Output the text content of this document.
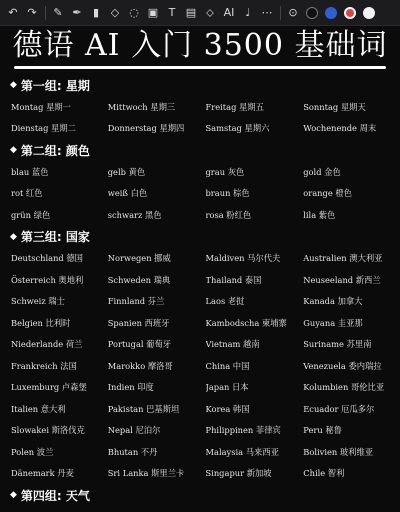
↶ ↷	✎ ✒	▮	◇ ◌ ▣ T ▤ ⬦ AI	♩ ⋯	⊙
德语 AI 入门 3500 基础词
◆ 第一组: 星期
Montag 星期一	Mittwoch 星期三	Freitag 星期五	Sonntag 星期天
Dienstag 星期二	Donnerstag 星期四	Samstag 星期六	Wochenende 周末
◆ 第二组: 颜色
blau 蓝色	gelb 黄色	grau 灰色	gold 金色
rot 红色	weiß 白色	braun 棕色	orange 橙色
grün 绿色	schwarz 黑色	rosa 粉红色	lila 紫色
◆ 第三组: 国家
Deutschland 德国	Norwegen 挪威	Maldiven 马尔代夫	Australien 澳大利亚
Österreich 奥地利	Schweden 瑞典	Thailand 泰国	Neuseeland 新西兰
Schweiz 瑞士	Finnland 芬兰	Laos 老挝	Kanada 加拿大
Belgien 比利时	Spanien 西班牙	Kambodscha 柬埔寨	Guyana 圭亚那
Niederlande 荷兰	Portugal 葡萄牙	Vietnam 越南	Suriname 苏里南
Frankreich 法国	Marokko 摩洛哥	China 中国	Venezuela 委内瑞拉
Luxemburg 卢森堡	Indien 印度	Japan 日本	Kolumbien 哥伦比亚
Italien 意大利	Pakistan 巴基斯坦	Korea 韩国	Ecuador 厄瓜多尔
Slowakei 斯洛伐克	Nepal 尼泊尔	Philippinen 菲律宾	Peru 秘鲁
Polen 波兰	Bhutan 不丹	Malaysia 马来西亚	Bolivien 玻利维亚
Dänemark 丹麦	Sri Lanka 斯里兰卡	Singapur 新加坡	Chile 智利
◆ 第四组: 天气
